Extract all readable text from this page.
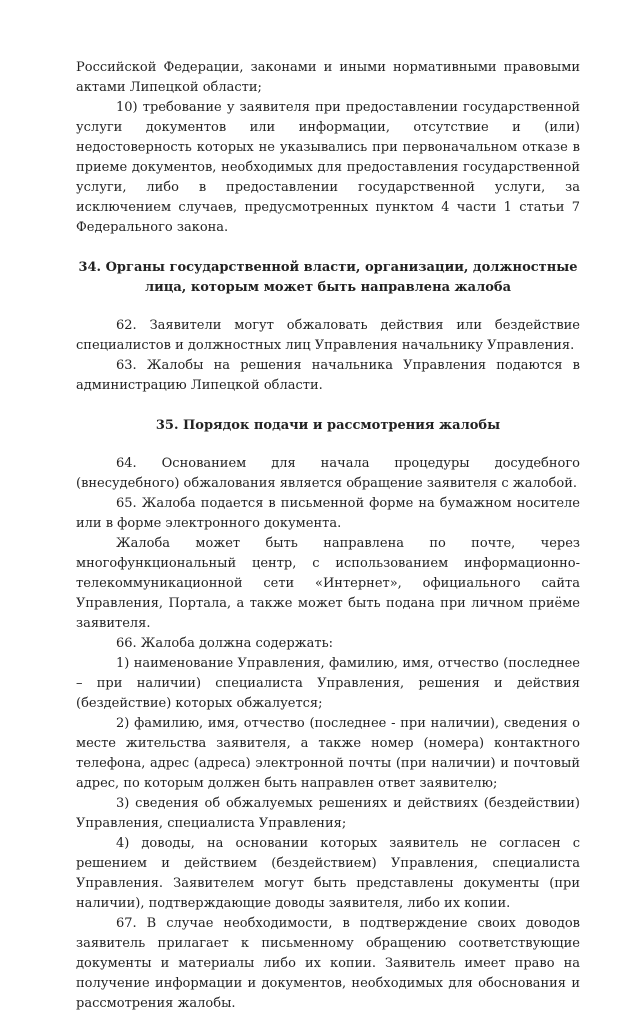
Российской Федерации, законами и иными нормативными правовыми актами Липецкой области;

10) требование у заявителя при предоставлении государственной услуги документов или информации, отсутствие и (или) недостоверность которых не указывались при первоначальном отказе в приеме документов, необходимых для предоставления государственной услуги, либо в предоставлении государственной услуги, за исключением случаев, предусмотренных пунктом 4 части 1 статьи 7 Федерального закона.

34. Органы государственной власти, организации, должностные лица, которым может быть направлена жалоба

62. Заявители могут обжаловать действия или бездействие специалистов и должностных лиц Управления начальнику Управления.

63. Жалобы на решения начальника Управления подаются в администрацию Липецкой области.

35. Порядок подачи и рассмотрения жалобы

64. Основанием для начала процедуры досудебного (внесудебного) обжалования является обращение заявителя с жалобой.

65. Жалоба подается в письменной форме на бумажном носителе или в форме электронного документа.

Жалоба может быть направлена по почте, через многофункциональный центр, с использованием информационно-телекоммуникационной сети «Интернет», официального сайта Управления, Портала, а также может быть подана при личном приёме заявителя.

66. Жалоба должна содержать:

1) наименование Управления, фамилию, имя, отчество (последнее – при наличии) специалиста Управления, решения и действия (бездействие) которых обжалуется;

2) фамилию, имя, отчество (последнее - при наличии), сведения о месте жительства заявителя, а также номер (номера) контактного телефона, адрес (адреса) электронной почты (при наличии) и почтовый адрес, по которым должен быть направлен ответ заявителю;

3) сведения об обжалуемых решениях и действиях (бездействии) Управления, специалиста Управления;

4) доводы, на основании которых заявитель не согласен с решением и действием (бездействием) Управления, специалиста Управления. Заявителем могут быть представлены документы (при наличии), подтверждающие доводы заявителя, либо их копии.

67. В случае необходимости, в подтверждение своих доводов заявитель прилагает к письменному обращению соответствующие документы и материалы либо их копии. Заявитель имеет право на получение информации и документов, необходимых для обоснования и рассмотрения жалобы.
